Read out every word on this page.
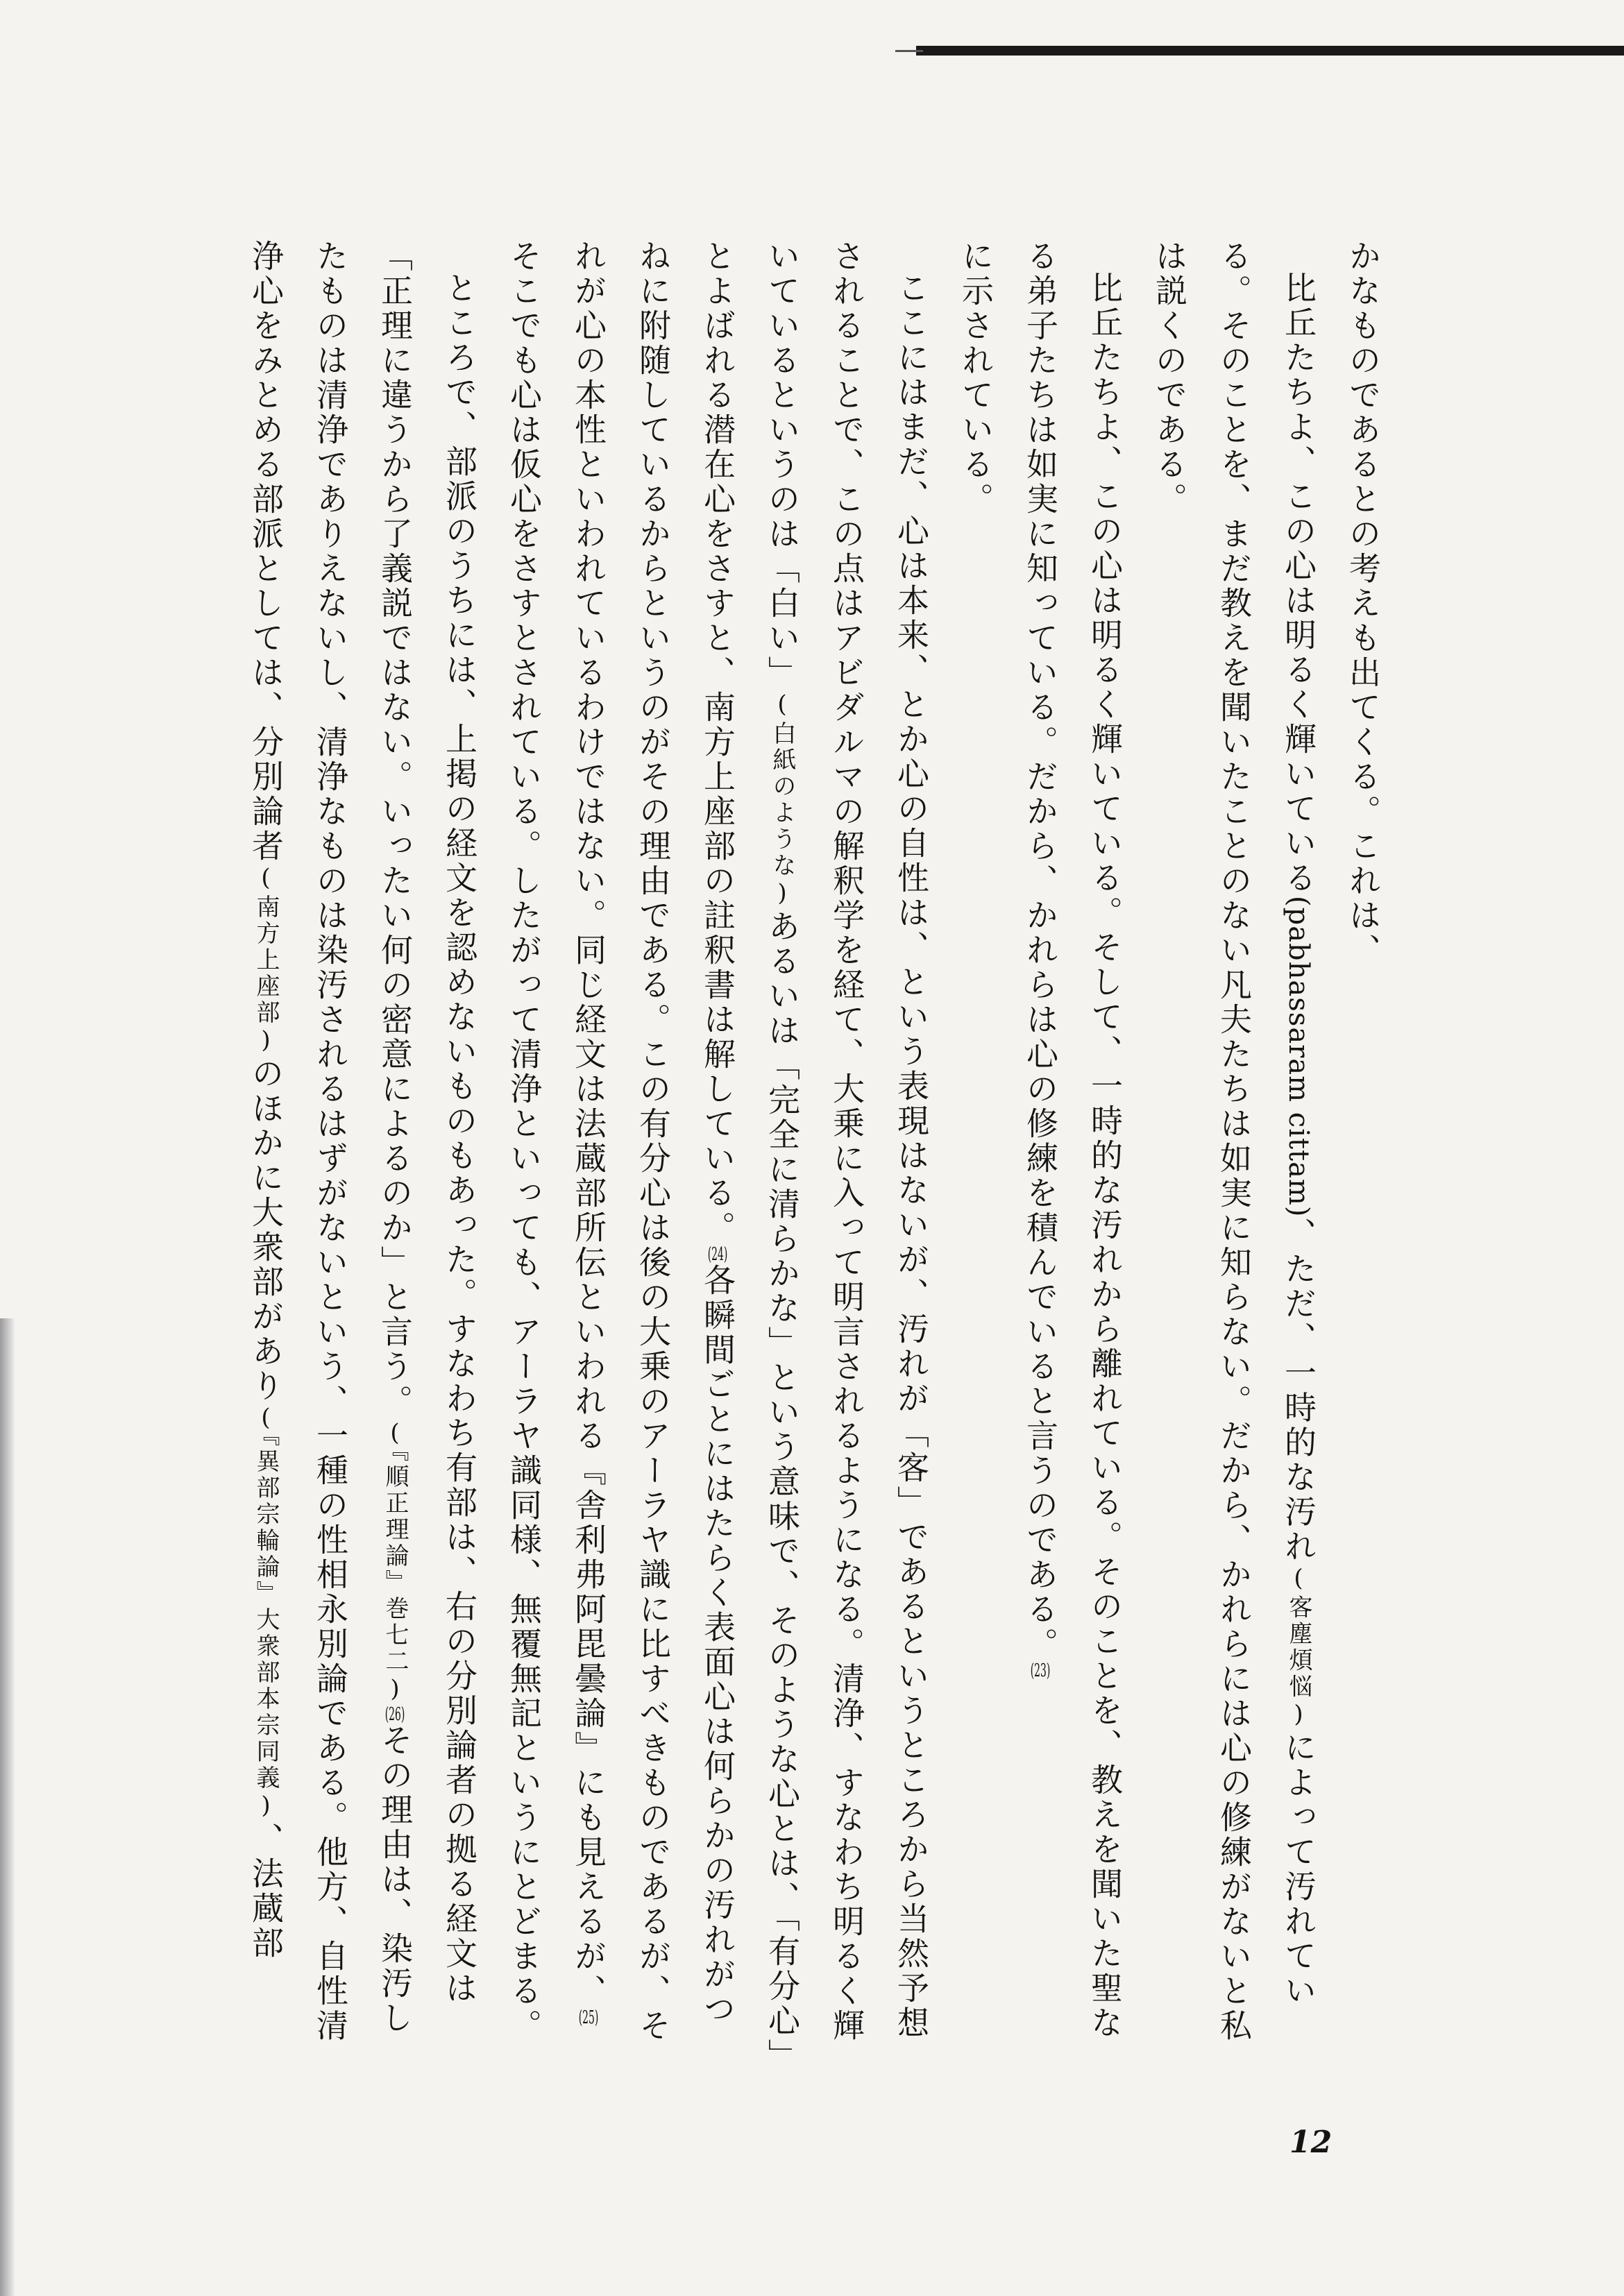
かなものであるとの考えも出てくる。これは、

比丘たちよ、この心は明るく輝いている(pabhassaram cittam)、ただ、一時的な汚れ(客塵煩悩)によって汚れている。そのことを、まだ教えを聞いたことのない凡夫たちは如実に知らない。だから、かれらには心の修練がないと私は説くのである。

比丘たちよ、この心は明るく輝いている。そして、一時的な汚れから離れている。そのことを、教えを聞いた聖なる弟子たちは如実に知っている。だから、かれらは心の修練を積んでいると言うのである。(23)

に示されている。

ここにはまだ、心は本来、とか心の自性は、という表現はないが、汚れが「客」であるというところから当然予想されることで、この点はアビダルマの解釈学を経て、大乗に入って明言されるようになる。清浄、すなわち明るく輝いているというのは「白い」(白紙のような)あるいは「完全に清らかな」という意味で、そのような心とは、「有分心」とよばれる潜在心をさすと、南方上座部の註釈書は解している。(24)各瞬間ごとにはたらく表面心は何らかの汚れがつねに附随しているからというのがその理由である。この有分心は後の大乗のアーラヤ識に比すべきものであるが、それが心の本性といわれているわけではない。同じ経文は法蔵部所伝といわれる『舎利弗阿毘曇論』にも見えるが、(25)そこでも心は仮心をさすとされている。したがって清浄といっても、アーラヤ識同様、無覆無記というにとどまる。

ところで、部派のうちには、上掲の経文を認めないものもあった。すなわち有部は、右の分別論者の拠る経文は「正理に違うから了義説ではない。いったい何の密意によるのか」と言う。(『順正理論』巻七二)(26)その理由は、染汚したものは清浄でありえないし、清浄なものは染汚されるはずがないという、一種の性相永別論である。他方、自性清浄心をみとめる部派としては、分別論者(南方上座部)のほかに大衆部があり(『異部宗輪論』大衆部本宗同義)、法蔵部

12
